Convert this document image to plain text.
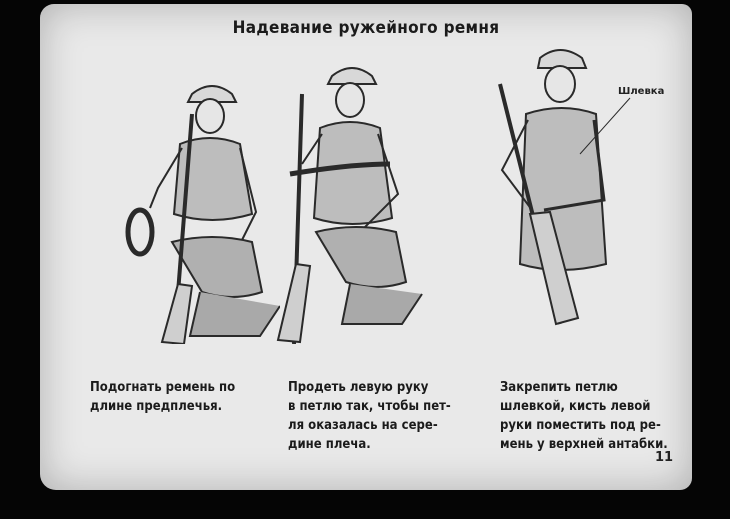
Надевание ружейного ремня
Шлевка
Подогнать ремень по
длине предплечья.
Продеть левую руку
в петлю так, чтобы пет-
ля оказалась на сере-
дине плеча.
Закрепить петлю
шлевкой, кисть левой
руки поместить под ре-
мень у верхней антабки.
11
